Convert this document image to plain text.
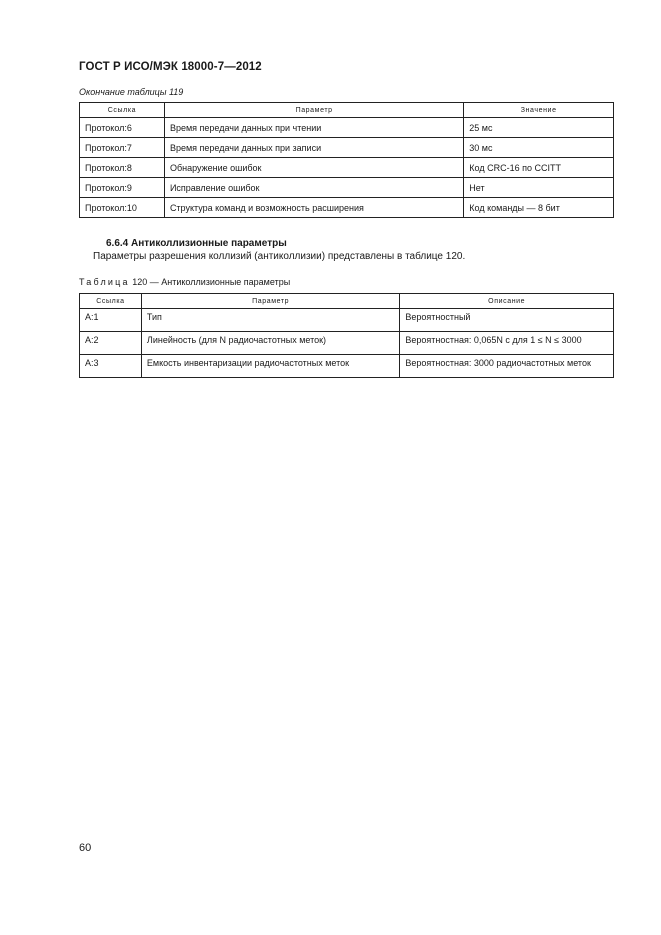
ГОСТ Р ИСО/МЭК 18000-7—2012
Окончание таблицы 119
Ссылка	Параметр	Значение
Протокол:6	Время передачи данных при чтении	25 мс
Протокол:7	Время передачи данных при записи	30 мс
Протокол:8	Обнаружение ошибок	Код CRC-16 по CCITT
Протокол:9	Исправление ошибок	Нет
Протокол:10	Структура команд и возможность расширения	Код команды — 8 бит
6.6.4 Антиколлизионные параметры
Параметры разрешения коллизий (антиколлизии) представлены в таблице 120.
Таблица 120 — Антиколлизионные параметры
Ссылка	Параметр	Описание
А:1	Тип	Вероятностный
А:2	Линейность (для N радиочастотных меток)	Вероятностная: 0,065N с для 1 ≤ N ≤ 3000
А:3	Емкость инвентаризации радиочастотных меток	Вероятностная: 3000 радиочастотных меток
60
